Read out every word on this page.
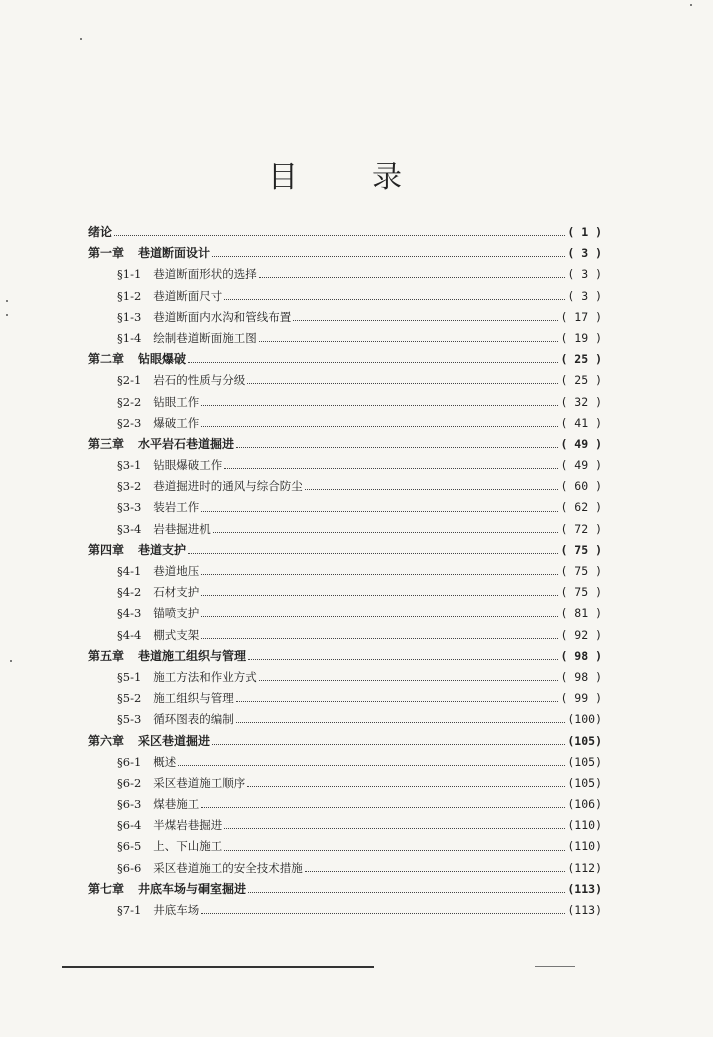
目 录
绪论	( 1 )
第一章 巷道断面设计	( 3 )
§1-1 巷道断面形状的选择	( 3 )
§1-2 巷道断面尺寸	( 3 )
§1-3 巷道断面内水沟和管线布置	( 17 )
§1-4 绘制巷道断面施工图	( 19 )
第二章 钻眼爆破	( 25 )
§2-1 岩石的性质与分级	( 25 )
§2-2 钻眼工作	( 32 )
§2-3 爆破工作	( 41 )
第三章 水平岩石巷道掘进	( 49 )
§3-1 钻眼爆破工作	( 49 )
§3-2 巷道掘进时的通风与综合防尘	( 60 )
§3-3 装岩工作	( 62 )
§3-4 岩巷掘进机	( 72 )
第四章 巷道支护	( 75 )
§4-1 巷道地压	( 75 )
§4-2 石材支护	( 75 )
§4-3 锚喷支护	( 81 )
§4-4 棚式支架	( 92 )
第五章 巷道施工组织与管理	( 98 )
§5-1 施工方法和作业方式	( 98 )
§5-2 施工组织与管理	( 99 )
§5-3 循环图表的编制	(100)
第六章 采区巷道掘进	(105)
§6-1 概述	(105)
§6-2 采区巷道施工顺序	(105)
§6-3 煤巷施工	(106)
§6-4 半煤岩巷掘进	(110)
§6-5 上、下山施工	(110)
§6-6 采区巷道施工的安全技术措施	(112)
第七章 井底车场与硐室掘进	(113)
§7-1 井底车场	(113)
